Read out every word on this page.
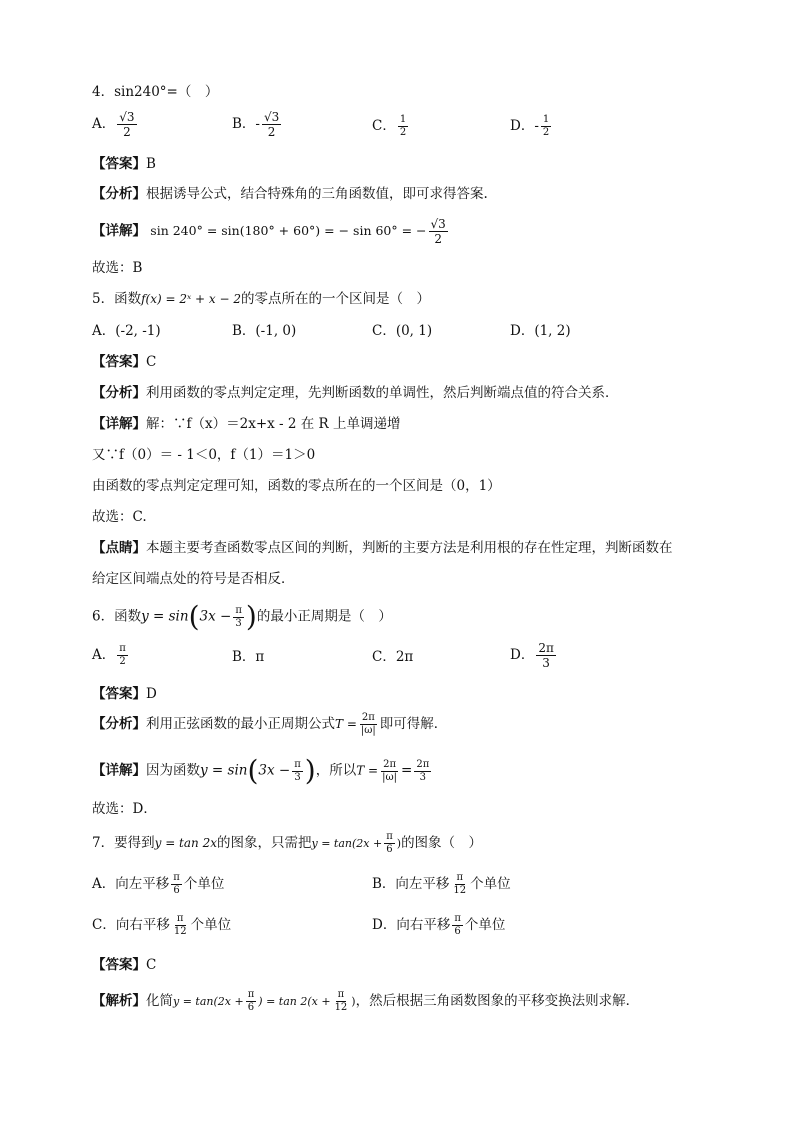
4．sin240°=（　）
A． $\frac{√3}{2}$	B．- $\frac{√3}{2}$	C． $\frac{1}{2}$	D．- $\frac{1}{2}$
【答案】B
【分析】根据诱导公式，结合特殊角的三角函数值，即可求得答案.
【详解】 sin 240° = sin(180° + 60°) = − sin 60° = − $\frac{√3}{2}$
故选：B
5．函数f(x) = 2ˣ + x − 2的零点所在的一个区间是（　）
A．(-2, -1)	B．(-1, 0)	C．(0, 1)	D．(1, 2)
【答案】C
【分析】利用函数的零点判定定理，先判断函数的单调性，然后判断端点值的符合关系．
【详解】解：∵f（x）＝2x+x - 2 在 R 上单调递增
又∵f（0）＝ - 1＜0，f（1）＝1＞0
由函数的零点判定定理可知，函数的零点所在的一个区间是（0，1）
故选：C.
【点睛】本题主要考查函数零点区间的判断，判断的主要方法是利用根的存在性定理，判断函数在
给定区间端点处的符号是否相反．
6．函数$y = \sin(3x - \frac{\pi}{3}$ )的最小正周期是（　）
A． $\frac{\pi}{2}$	B．π	C．2π	D． $\frac{2\pi}{3}$
【答案】D
【分析】利用正弦函数的最小正周期公式$T = \frac{2\pi}{|\omega|}$ 即可得解．
【详解】因为函数$y = \sin(3x - \frac{\pi}{3}$ )，所以$T = \frac{2\pi}{|\omega|} = \frac{2\pi}{3}$
故选：D．
7．要得到y = tan 2x的图象，只需把$y = \tan(2x + \frac{\pi}{6}$ )的图象（　）
A．向左平移 $\frac{\pi}{6}$ 个单位	B．向左平移 $\frac{\pi}{12}$ 个单位
C．向右平移 $\frac{\pi}{12}$ 个单位	D．向右平移 $\frac{\pi}{6}$ 个单位
【答案】C
【解析】化简$y = \tan(2x + \frac{\pi}{6}$ ) = $\tan 2(x + \frac{\pi}{12}$ )，然后根据三角函数图象的平移变换法则求解．
